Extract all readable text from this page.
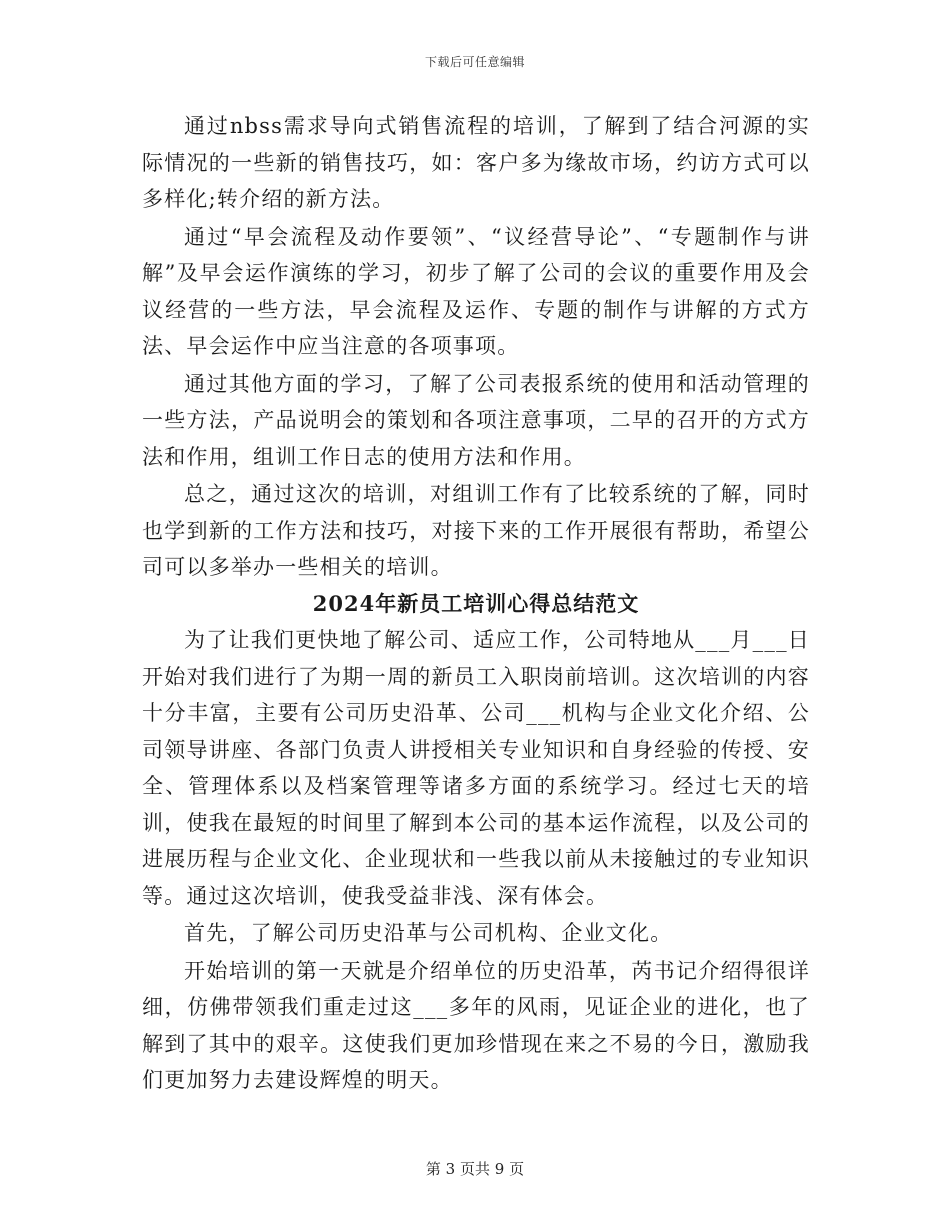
下载后可任意编辑

通过nbss需求导向式销售流程的培训，了解到了结合河源的实际情况的一些新的销售技巧，如：客户多为缘故市场，约访方式可以多样化;转介绍的新方法。

通过“早会流程及动作要领”、“议经营导论”、“专题制作与讲解”及早会运作演练的学习，初步了解了公司的会议的重要作用及会议经营的一些方法，早会流程及运作、专题的制作与讲解的方式方法、早会运作中应当注意的各项事项。

通过其他方面的学习，了解了公司表报系统的使用和活动管理的一些方法，产品说明会的策划和各项注意事项，二早的召开的方式方法和作用，组训工作日志的使用方法和作用。

总之，通过这次的培训，对组训工作有了比较系统的了解，同时也学到新的工作方法和技巧，对接下来的工作开展很有帮助，希望公司可以多举办一些相关的培训。

2024年新员工培训心得总结范文

为了让我们更快地了解公司、适应工作，公司特地从___月___日开始对我们进行了为期一周的新员工入职岗前培训。这次培训的内容十分丰富，主要有公司历史沿革、公司___机构与企业文化介绍、公司领导讲座、各部门负责人讲授相关专业知识和自身经验的传授、安全、管理体系以及档案管理等诸多方面的系统学习。经过七天的培训，使我在最短的时间里了解到本公司的基本运作流程，以及公司的进展历程与企业文化、企业现状和一些我以前从未接触过的专业知识等。通过这次培训，使我受益非浅、深有体会。

首先，了解公司历史沿革与公司机构、企业文化。

开始培训的第一天就是介绍单位的历史沿革，芮书记介绍得很详细，仿佛带领我们重走过这___多年的风雨，见证企业的进化，也了解到了其中的艰辛。这使我们更加珍惜现在来之不易的今日，激励我们更加努力去建设辉煌的明天。

第 3 页共 9 页
